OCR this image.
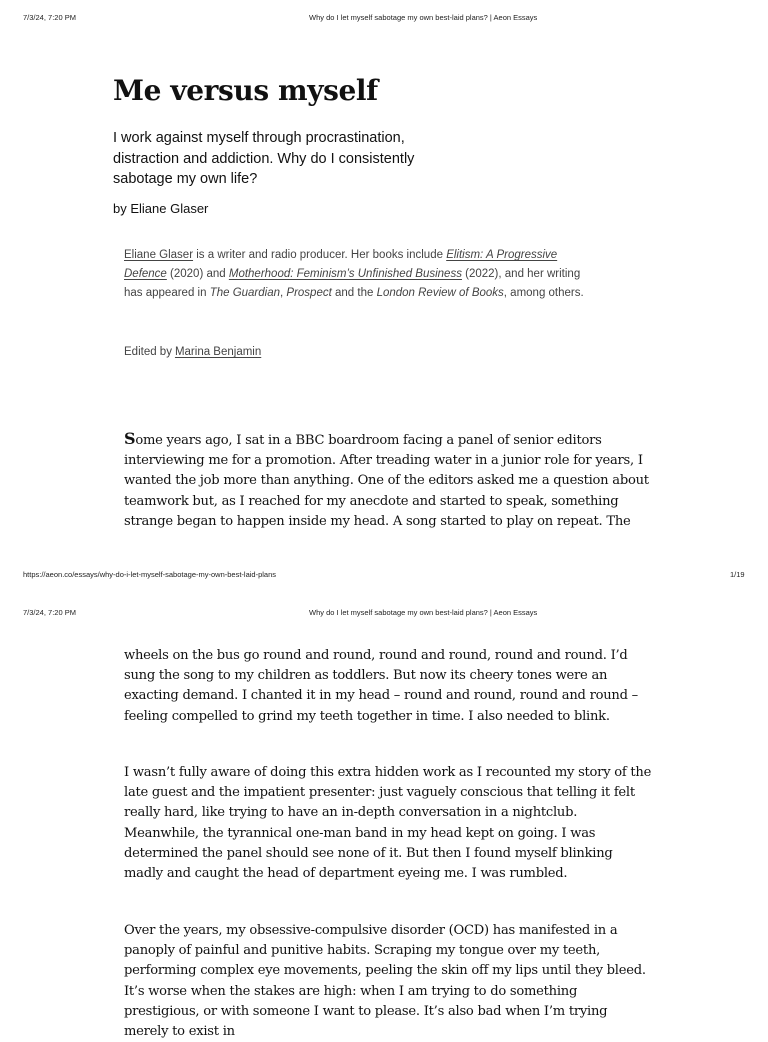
7/3/24, 7:20 PM	Why do I let myself sabotage my own best-laid plans? | Aeon Essays
Me versus myself

I work against myself through procrastination, distraction and addiction. Why do I consistently sabotage my own life?

by Eliane Glaser

Eliane Glaser is a writer and radio producer. Her books include Elitism: A Progressive Defence (2020) and Motherhood: Feminism’s Unfinished Business (2022), and her writing has appeared in The Guardian, Prospect and the London Review of Books, among others.

Edited by Marina Benjamin

Some years ago, I sat in a BBC boardroom facing a panel of senior editors interviewing me for a promotion. After treading water in a junior role for years, I wanted the job more than anything. One of the editors asked me a question about teamwork but, as I reached for my anecdote and started to speak, something strange began to happen inside my head. A song started to play on repeat. The

https://aeon.co/essays/why-do-i-let-myself-sabotage-my-own-best-laid-plans	1/19
7/3/24, 7:20 PM	Why do I let myself sabotage my own best-laid plans? | Aeon Essays

wheels on the bus go round and round, round and round, round and round. I’d sung the song to my children as toddlers. But now its cheery tones were an exacting demand. I chanted it in my head – round and round, round and round – feeling compelled to grind my teeth together in time. I also needed to blink.

I wasn’t fully aware of doing this extra hidden work as I recounted my story of the late guest and the impatient presenter: just vaguely conscious that telling it felt really hard, like trying to have an in-depth conversation in a nightclub. Meanwhile, the tyrannical one-man band in my head kept on going. I was determined the panel should see none of it. But then I found myself blinking madly and caught the head of department eyeing me. I was rumbled.

Over the years, my obsessive-compulsive disorder (OCD) has manifested in a panoply of painful and punitive habits. Scraping my tongue over my teeth, performing complex eye movements, peeling the skin off my lips until they bleed. It’s worse when the stakes are high: when I am trying to do something prestigious, or with someone I want to please. It’s also bad when I’m trying merely to exist in
